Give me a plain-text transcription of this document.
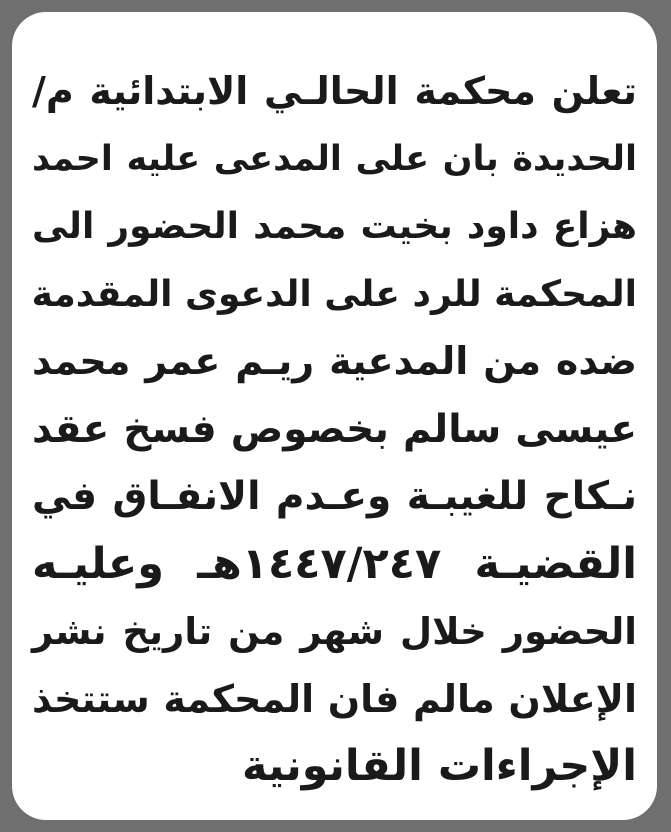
تعلن محكمة الحالـي الابتدائية م/
الحديدة بان على المدعى عليه احمد
هزاع داود بخيت محمد الحضور الى
المحكمة للرد على الدعوى المقدمة
ضده من المدعية ريـم عمر محمد
عيسى سالم بخصوص فسخ عقد
نـكاح للغيبـة وعـدم الانفـاق في
القضيـة ١٤٤٧/٢٤٧هـ وعليـه
الحضور خلال شهر من تاريخ نشر
الإعلان مالم فان المحكمة ستتخذ
الإجراءات القانونية
